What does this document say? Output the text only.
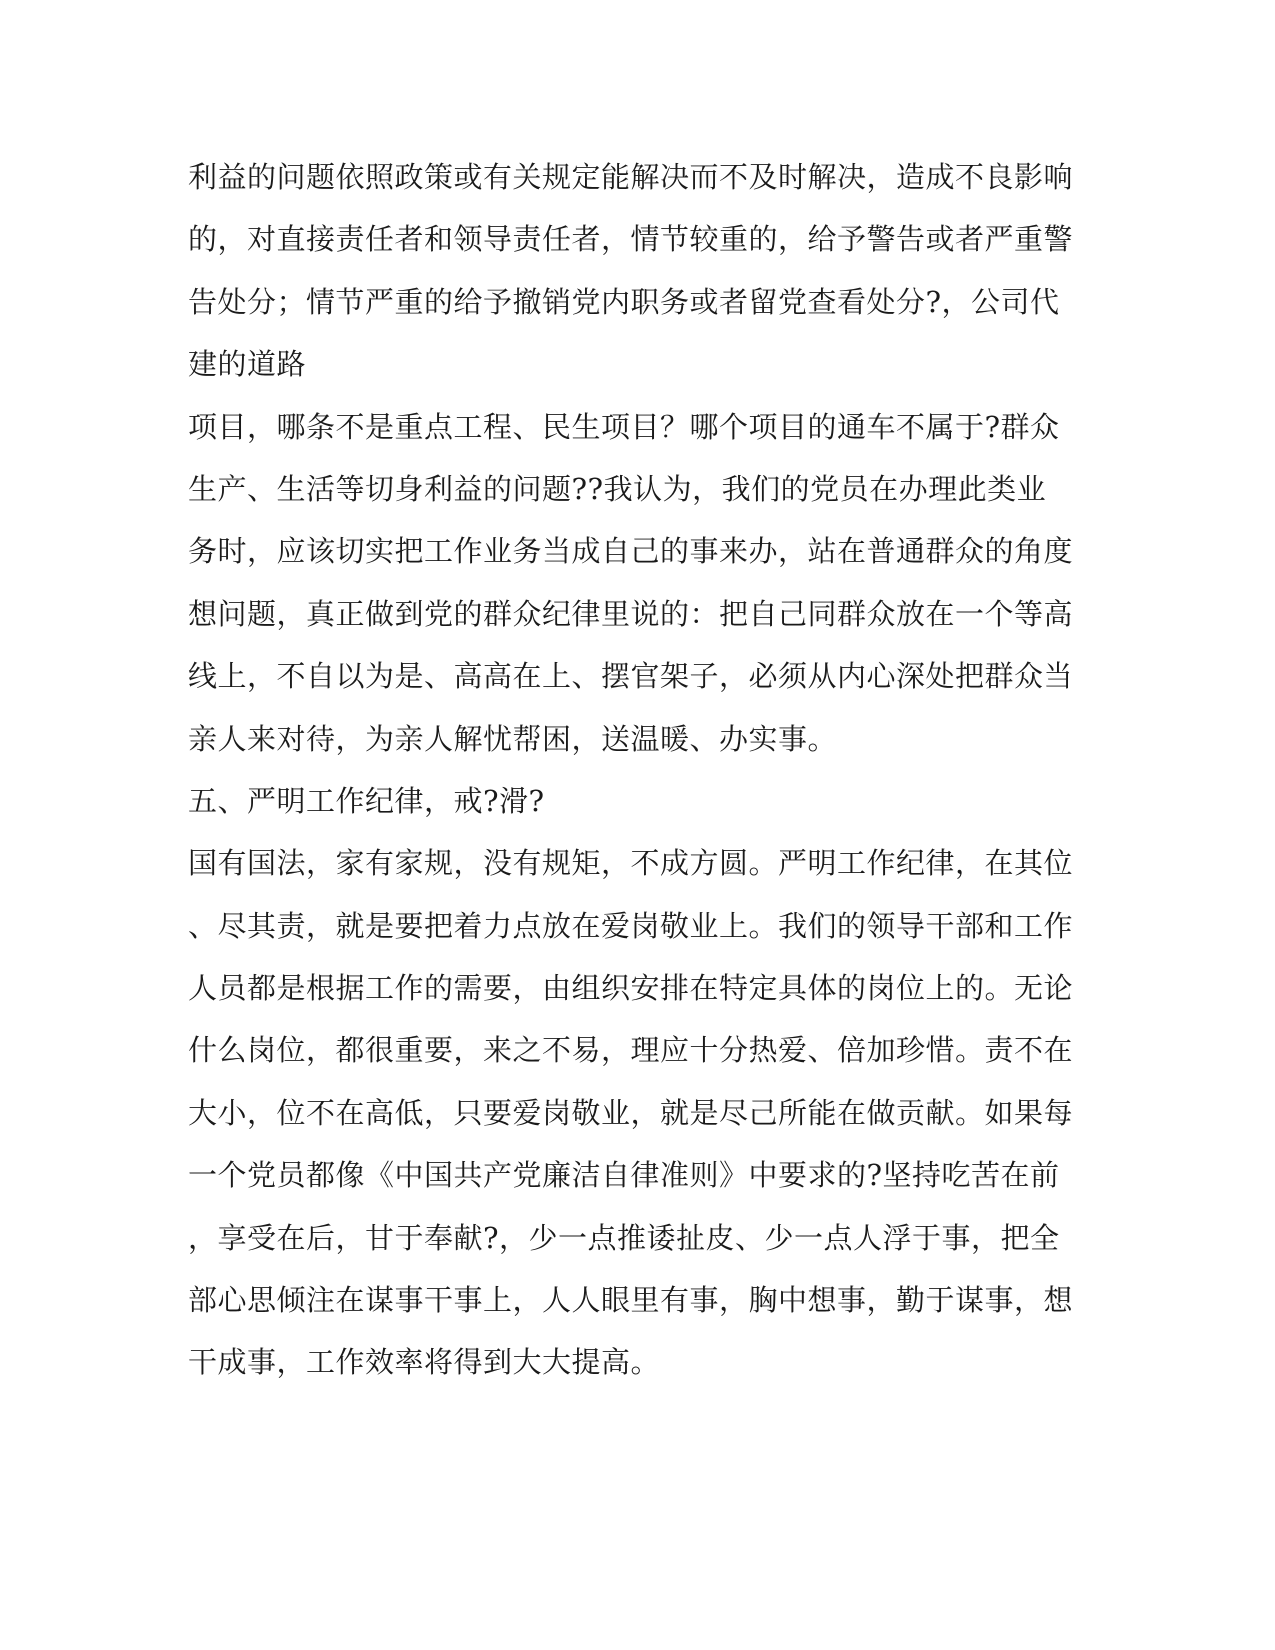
利益的问题依照政策或有关规定能解决而不及时解决，造成不良影响
的，对直接责任者和领导责任者，情节较重的，给予警告或者严重警
告处分；情节严重的给予撤销党内职务或者留党查看处分?，公司代
建的道路
项目，哪条不是重点工程、民生项目？哪个项目的通车不属于?群众
生产、生活等切身利益的问题??我认为，我们的党员在办理此类业
务时，应该切实把工作业务当成自己的事来办，站在普通群众的角度
想问题，真正做到党的群众纪律里说的：把自己同群众放在一个等高
线上，不自以为是、高高在上、摆官架子，必须从内心深处把群众当
亲人来对待，为亲人解忧帮困，送温暖、办实事。
五、严明工作纪律，戒?滑?
国有国法，家有家规，没有规矩，不成方圆。严明工作纪律，在其位
、尽其责，就是要把着力点放在爱岗敬业上。我们的领导干部和工作
人员都是根据工作的需要，由组织安排在特定具体的岗位上的。无论
什么岗位，都很重要，来之不易，理应十分热爱、倍加珍惜。责不在
大小，位不在高低，只要爱岗敬业，就是尽己所能在做贡献。如果每
一个党员都像《中国共产党廉洁自律准则》中要求的?坚持吃苦在前
，享受在后，甘于奉献?，少一点推诿扯皮、少一点人浮于事，把全
部心思倾注在谋事干事上，人人眼里有事，胸中想事，勤于谋事，想
干成事，工作效率将得到大大提高。
